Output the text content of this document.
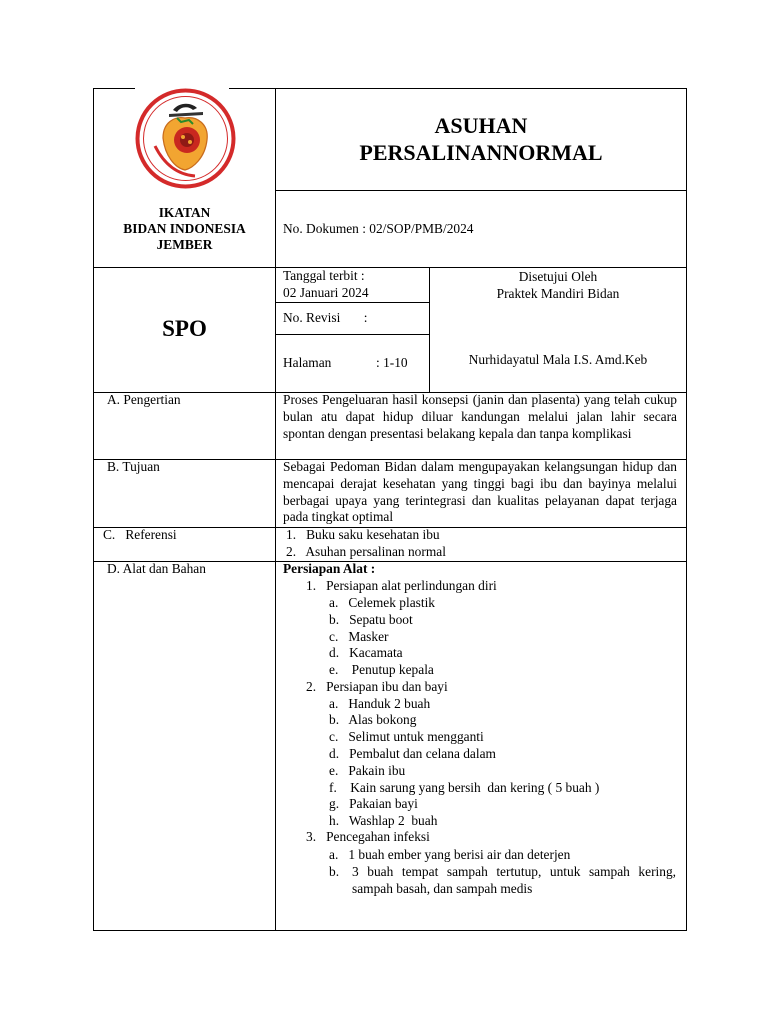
ASUHAN
PERSALINANNORMAL
IKATAN
BIDAN INDONESIA
JEMBER
No. Dokumen : 02/SOP/PMB/2024
SPO
Tanggal terbit :
02 Januari 2024
No. Revisi       :
Halaman	: 1-10
Disetujui Oleh
Praktek Mandiri Bidan
Nurhidayatul Mala I.S. Amd.Keb
A. Pengertian	Proses Pengeluaran hasil konsepsi (janin dan plasenta) yang telah cukup bulan atu dapat hidup diluar kandungan melalui jalan lahir secara spontan dengan presentasi belakang kepala dan tanpa komplikasi
B. Tujuan	Sebagai Pedoman Bidan dalam mengupayakan kelangsungan hidup dan mencapai derajat kesehatan yang tinggi bagi ibu dan bayinya melalui berbagai upaya yang terintegrasi dan kualitas pelayanan dapat terjaga pada tingkat optimal
C.   Referensi	1.   Buku saku kesehatan ibu
2.   Asuhan persalinan normal
D. Alat dan Bahan	Persiapan Alat :
1.   Persiapan alat perlindungan diri
a.   Celemek plastik
b.   Sepatu boot
c.   Masker
d.   Kacamata
e.    Penutup kepala
2.   Persiapan ibu dan bayi
a.   Handuk 2 buah
b.   Alas bokong
c.   Selimut untuk mengganti
d.   Pembalut dan celana dalam
e.   Pakain ibu
f.    Kain sarung yang bersih  dan kering ( 5 buah )
g.   Pakaian bayi
h.   Washlap 2  buah
3.   Pencegahan infeksi
a.   1 buah ember yang berisi air dan deterjen
b. 3 buah tempat sampah tertutup, untuk sampah kering, sampah basah, dan sampah medis
